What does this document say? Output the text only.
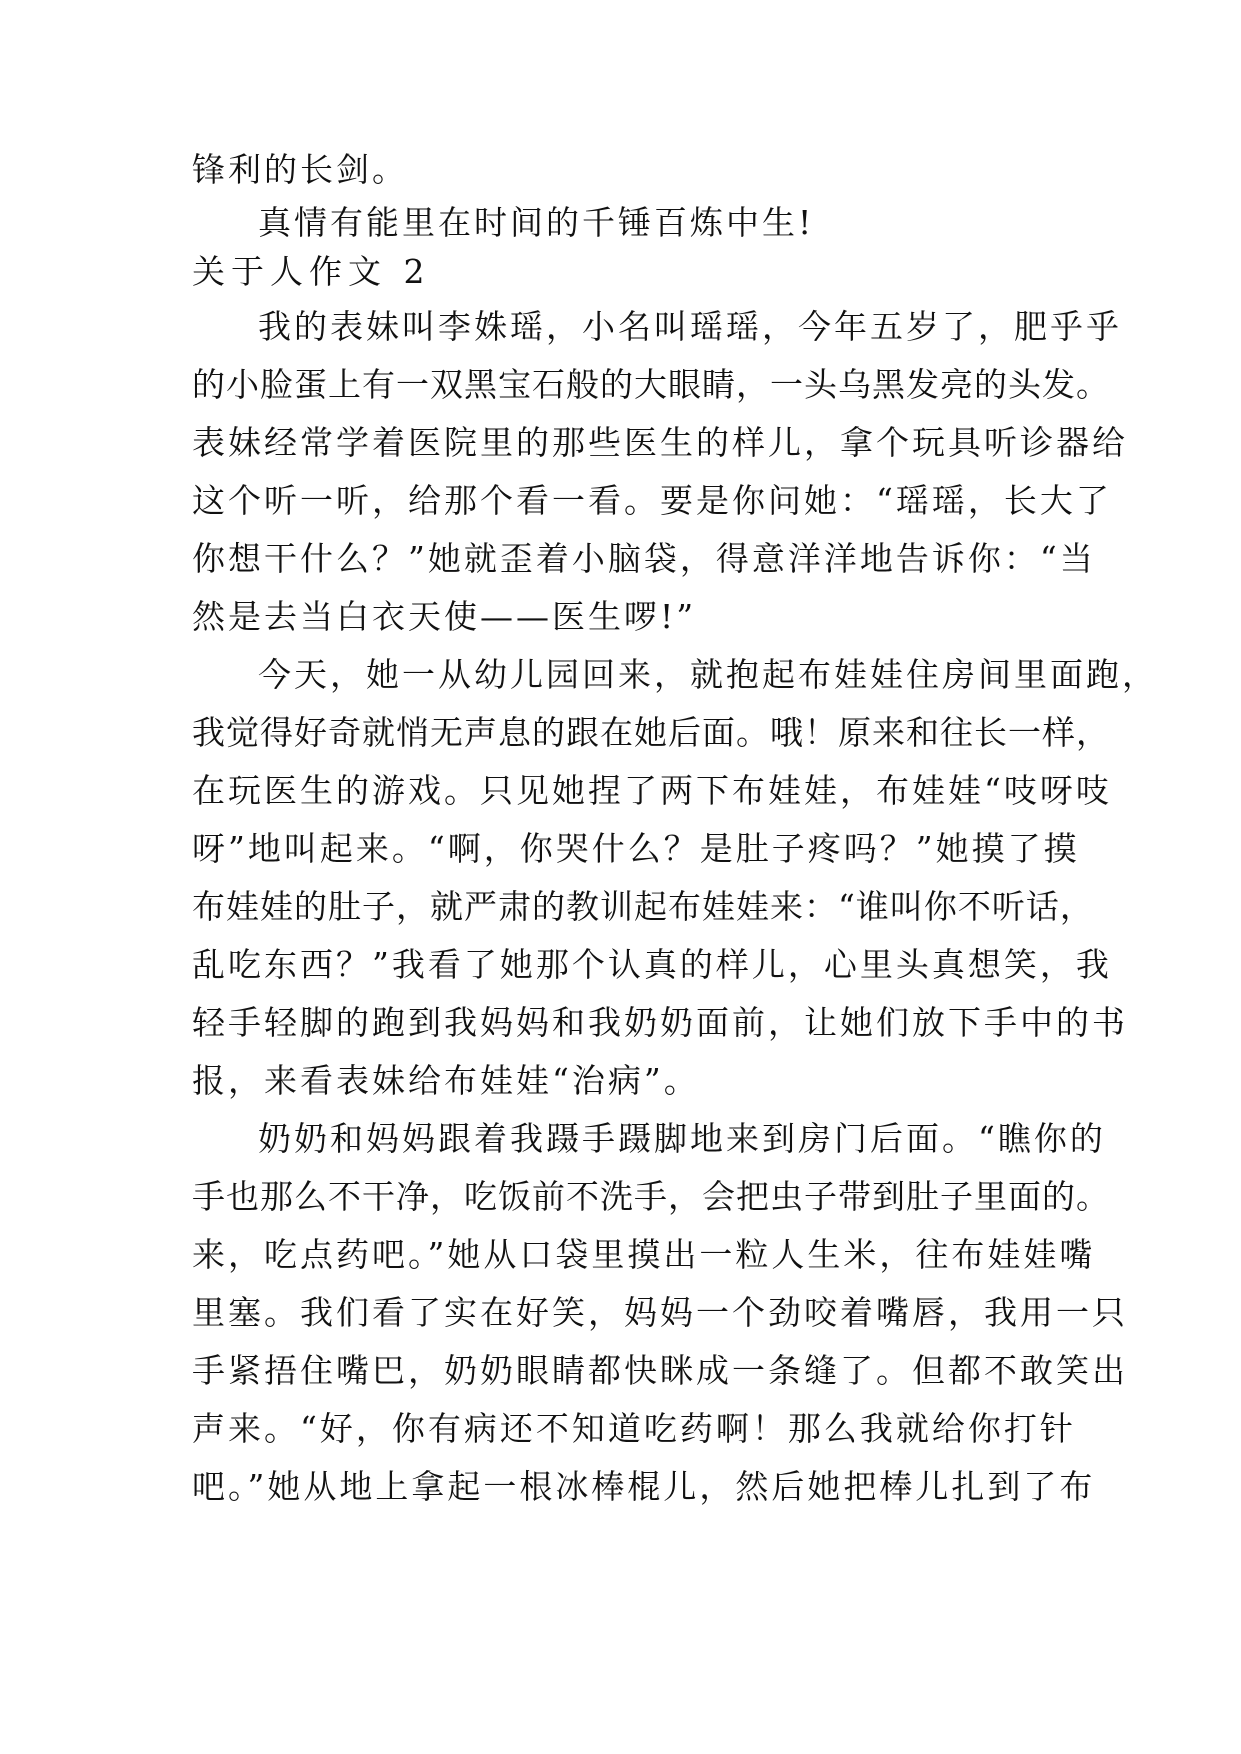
锋利的长剑。
真情有能里在时间的千锤百炼中生!
关于人作文 2
我的表妹叫李姝瑶，小名叫瑶瑶，今年五岁了，肥乎乎
的小脸蛋上有一双黑宝石般的大眼睛，一头乌黑发亮的头发。
表妹经常学着医院里的那些医生的样儿，拿个玩具听诊器给
这个听一听，给那个看一看。要是你问她：“瑶瑶，长大了
你想干什么？”她就歪着小脑袋，得意洋洋地告诉你：“当
然是去当白衣天使——医生啰!”
今天，她一从幼儿园回来，就抱起布娃娃住房间里面跑，
我觉得好奇就悄无声息的跟在她后面。哦！原来和往长一样，
在玩医生的游戏。只见她捏了两下布娃娃，布娃娃“吱呀吱
呀”地叫起来。“啊，你哭什么？是肚子疼吗？”她摸了摸
布娃娃的肚子，就严肃的教训起布娃娃来：“谁叫你不听话，
乱吃东西？”我看了她那个认真的样儿，心里头真想笑，我
轻手轻脚的跑到我妈妈和我奶奶面前，让她们放下手中的书
报，来看表妹给布娃娃“治病”。
奶奶和妈妈跟着我蹑手蹑脚地来到房门后面。“瞧你的
手也那么不干净，吃饭前不洗手，会把虫子带到肚子里面的。
来，吃点药吧。”她从口袋里摸出一粒人生米，往布娃娃嘴
里塞。我们看了实在好笑，妈妈一个劲咬着嘴唇，我用一只
手紧捂住嘴巴，奶奶眼睛都快眯成一条缝了。但都不敢笑出
声来。“好，你有病还不知道吃药啊！那么我就给你打针
吧。”她从地上拿起一根冰棒棍儿，然后她把棒儿扎到了布
